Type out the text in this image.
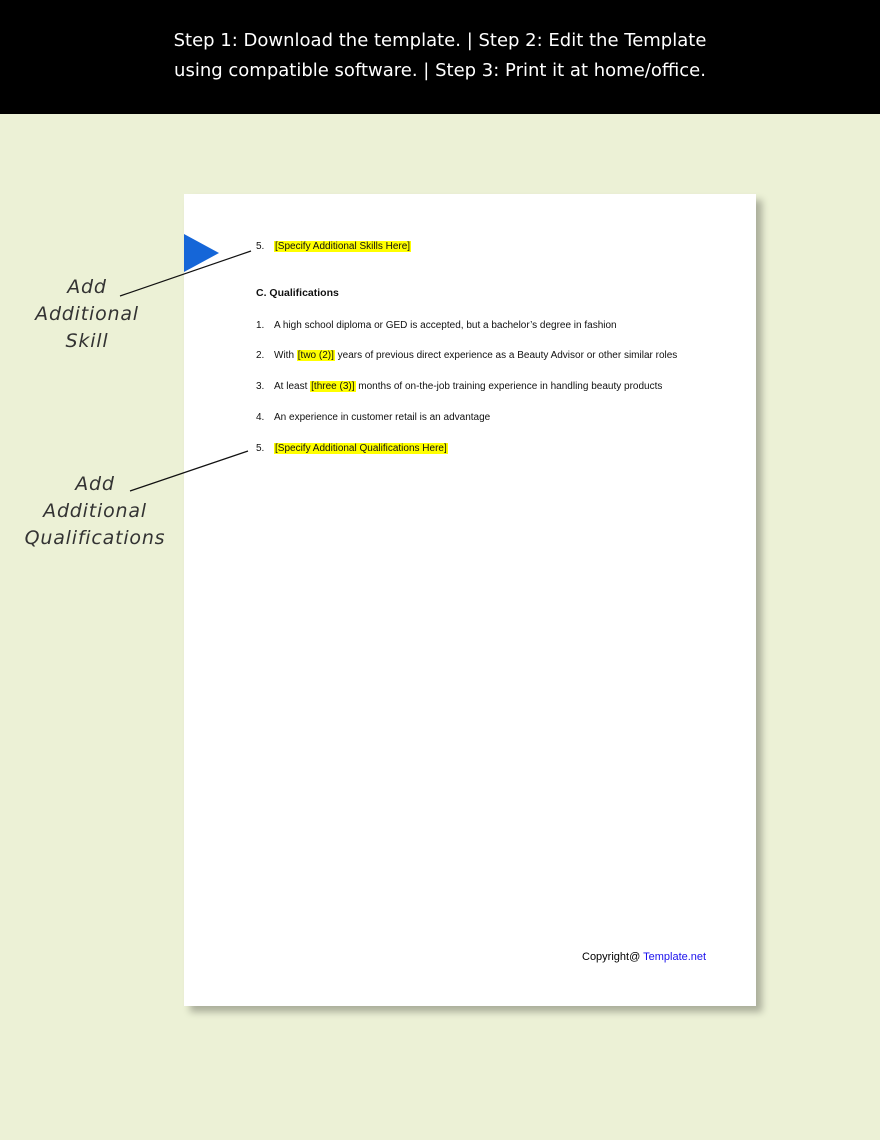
Step 1: Download the template. | Step 2: Edit the Template
using compatible software. | Step 3: Print it at home/office.
5. [Specify Additional Skills Here]
C. Qualifications
1. A high school diploma or GED is accepted, but a bachelor’s degree in fashion
2. With [two (2)] years of previous direct experience as a Beauty Advisor or other similar roles
3. At least [three (3)] months of on-the-job training experience in handling beauty products
4. An experience in customer retail is an advantage
5. [Specify Additional Qualifications Here]
Copyright@ Template.net
Add
Additional
Skill
Add
Additional
Qualifications
